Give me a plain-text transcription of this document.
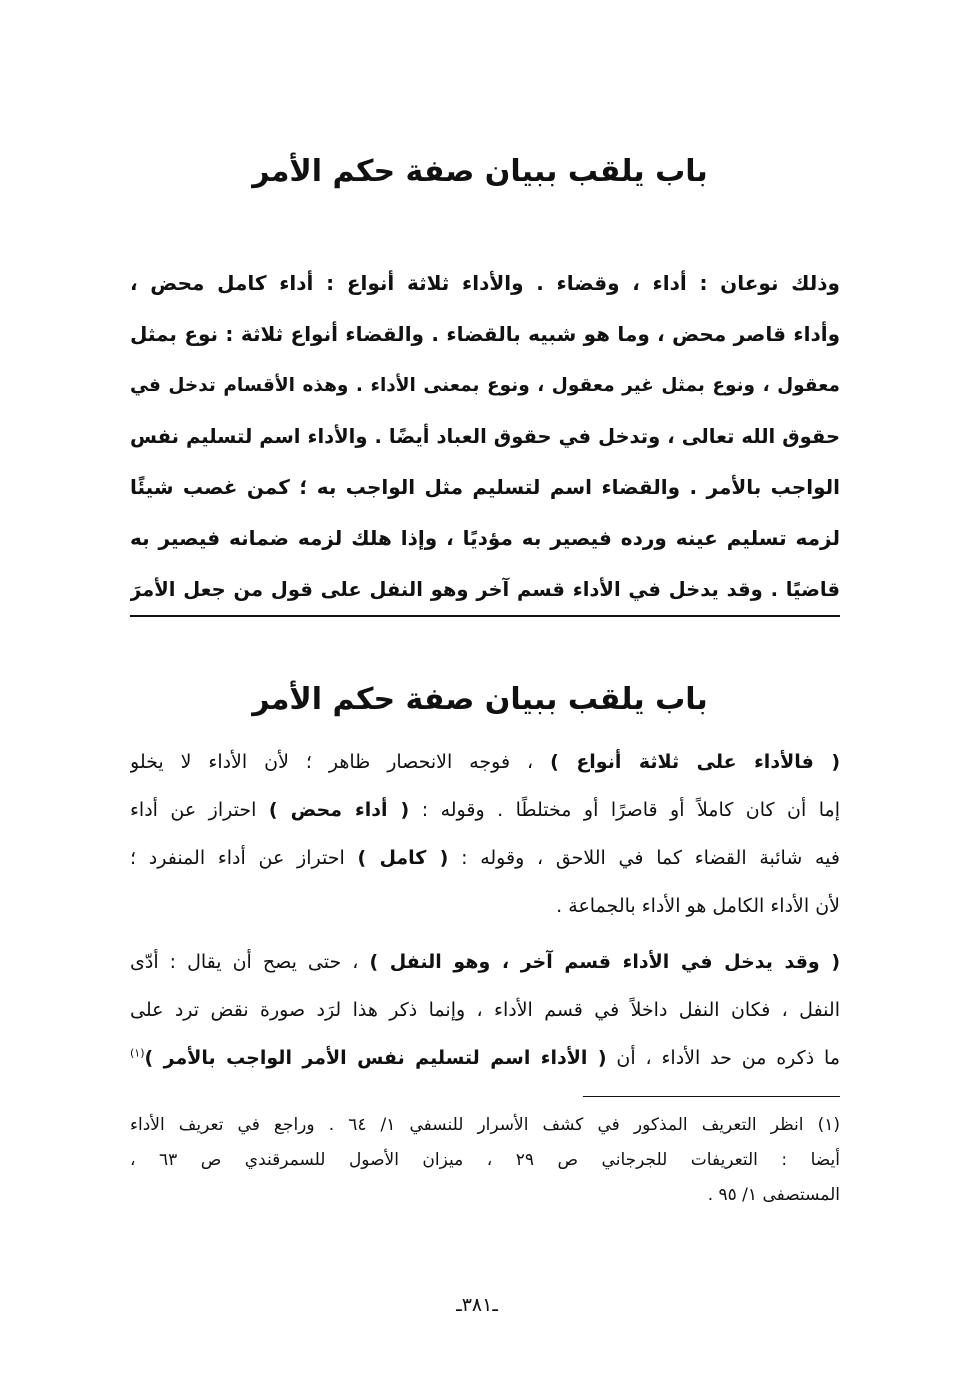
باب يلقب ببيان صفة حكم الأمر
وذلك نوعان : أداء ، وقضاء . والأداء ثلاثة أنواع : أداء كامل محض ،
وأداء قاصر محض ، وما هو شبيه بالقضاء . والقضاء أنواع ثلاثة : نوع بمثل
معقول ، ونوع بمثل غير معقول ، ونوع بمعنى الأداء . وهذه الأقسام تدخل في
حقوق الله تعالى ، وتدخل في حقوق العباد أيضًا . والأداء اسم لتسليم نفس
الواجب بالأمر . والقضاء اسم لتسليم مثل الواجب به ؛ كمن غصب شيئًا
لزمه تسليم عينه ورده فيصير به مؤديًا ، وإذا هلك لزمه ضمانه فيصير به
قاضيًا . وقد يدخل في الأداء قسم آخر وهو النفل على قول من جعل الأمرَ
باب يلقب ببيان صفة حكم الأمر
( فالأداء على ثلاثة أنواع ) ، فوجه الانحصار ظاهر ؛ لأن الأداء لا يخلو
إما أن كان كاملاً أو قاصرًا أو مختلطًا . وقوله : ( أداء محض ) احتراز عن أداء
فيه شائبة القضاء كما في اللاحق ، وقوله : ( كامل ) احتراز عن أداء المنفرد ؛
لأن الأداء الكامل هو الأداء بالجماعة .
( وقد يدخل في الأداء قسم آخر ، وهو النفل ) ، حتى يصح أن يقال : أدّى
النفل ، فكان النفل داخلاً في قسم الأداء ، وإنما ذكر هذا لرَد صورة نقض ترد على
ما ذكره من حد الأداء ، أن ( الأداء اسم لتسليم نفس الأمر الواجب بالأمر )$^{(١)}$
(١) انظر التعريف المذكور في كشف الأسرار للنسفي ١/ ٦٤ . وراجع في تعريف الأداء
أيضا : التعريفات للجرجاني ص ٢٩ ، ميزان الأصول للسمرقندي ص ٦٣ ،
المستصفى ١/ ٩٥ .
ـ٣٨١ـ
